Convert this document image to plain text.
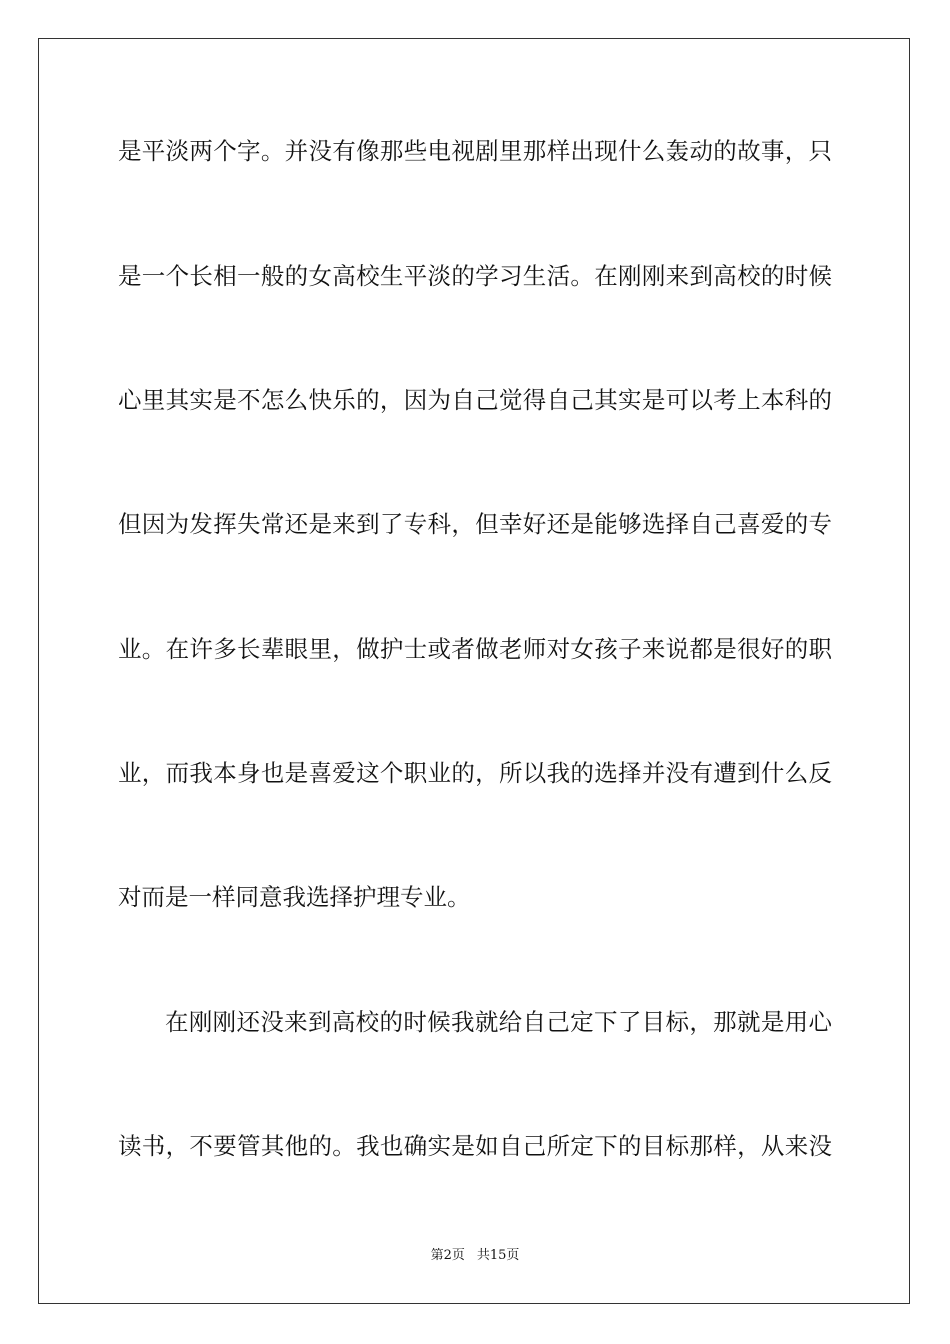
是平淡两个字。并没有像那些电视剧里那样出现什么轰动的故事，只
是一个长相一般的女高校生平淡的学习生活。在刚刚来到高校的时候
心里其实是不怎么快乐的，因为自己觉得自己其实是可以考上本科的
但因为发挥失常还是来到了专科，但幸好还是能够选择自己喜爱的专
业。在许多长辈眼里，做护士或者做老师对女孩子来说都是很好的职
业，而我本身也是喜爱这个职业的，所以我的选择并没有遭到什么反
对而是一样同意我选择护理专业。
在刚刚还没来到高校的时候我就给自己定下了目标，那就是用心
读书，不要管其他的。我也确实是如自己所定下的目标那样，从来没
第2页 共15页
